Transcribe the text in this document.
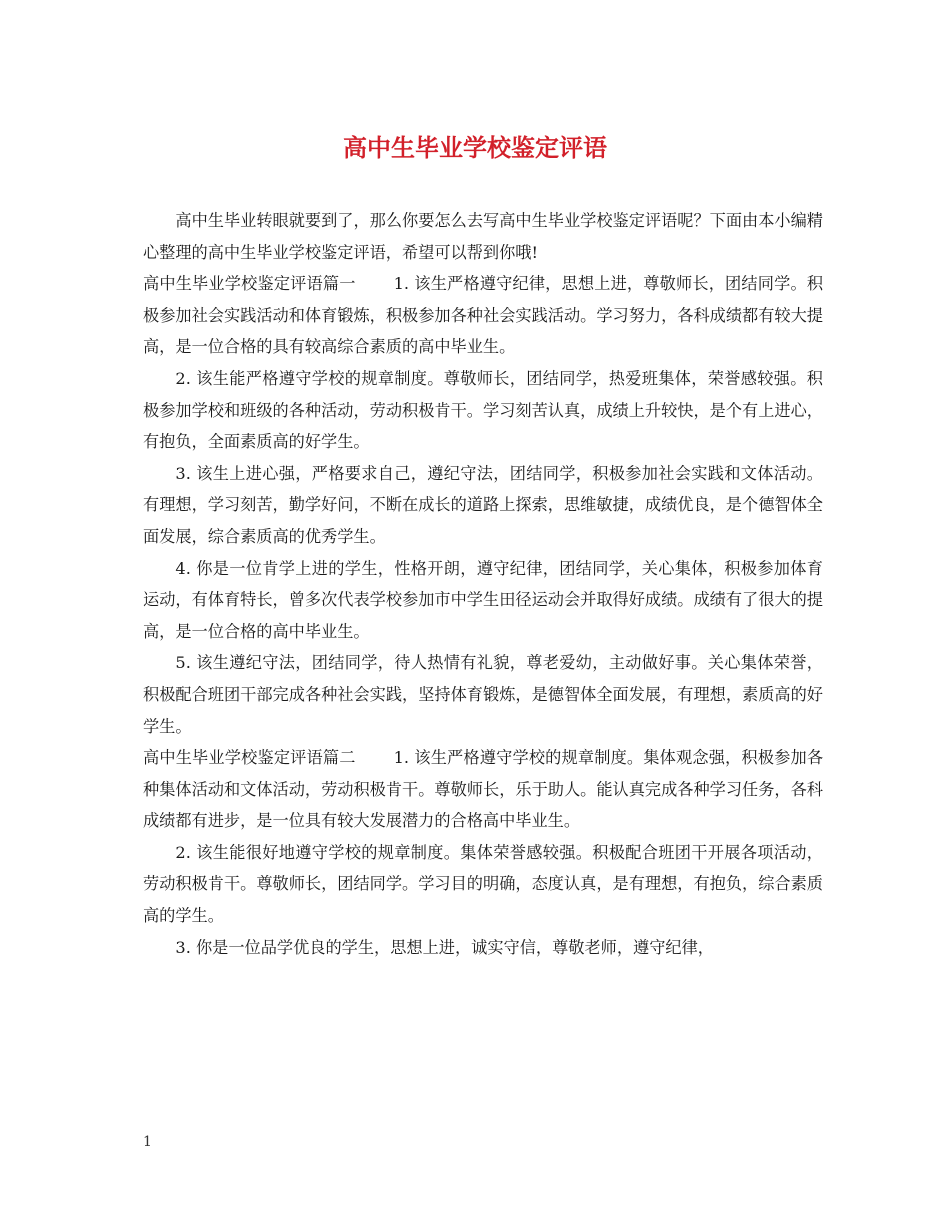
高中生毕业学校鉴定评语

高中生毕业转眼就要到了，那么你要怎么去写高中生毕业学校鉴定评语呢？下面由本小编精心整理的高中生毕业学校鉴定评语，希望可以帮到你哦!

高中生毕业学校鉴定评语篇一 1. 该生严格遵守纪律，思想上进，尊敬师长，团结同学。积极参加社会实践活动和体育锻炼，积极参加各种社会实践活动。学习努力，各科成绩都有较大提高，是一位合格的具有较高综合素质的高中毕业生。

2. 该生能严格遵守学校的规章制度。尊敬师长，团结同学，热爱班集体，荣誉感较强。积极参加学校和班级的各种活动，劳动积极肯干。学习刻苦认真，成绩上升较快，是个有上进心，有抱负，全面素质高的好学生。

3. 该生上进心强，严格要求自己，遵纪守法，团结同学，积极参加社会实践和文体活动。有理想，学习刻苦，勤学好问，不断在成长的道路上探索，思维敏捷，成绩优良，是个德智体全面发展，综合素质高的优秀学生。

4. 你是一位肯学上进的学生，性格开朗，遵守纪律，团结同学，关心集体，积极参加体育运动，有体育特长，曾多次代表学校参加市中学生田径运动会并取得好成绩。成绩有了很大的提高，是一位合格的高中毕业生。

5. 该生遵纪守法，团结同学，待人热情有礼貌，尊老爱幼，主动做好事。关心集体荣誉，积极配合班团干部完成各种社会实践，坚持体育锻炼，是德智体全面发展，有理想，素质高的好学生。

高中生毕业学校鉴定评语篇二 1. 该生严格遵守学校的规章制度。集体观念强，积极参加各种集体活动和文体活动，劳动积极肯干。尊敬师长，乐于助人。能认真完成各种学习任务，各科成绩都有进步，是一位具有较大发展潜力的合格高中毕业生。

2. 该生能很好地遵守学校的规章制度。集体荣誉感较强。积极配合班团干开展各项活动，劳动积极肯干。尊敬师长，团结同学。学习目的明确，态度认真，是有理想，有抱负，综合素质高的学生。

3. 你是一位品学优良的学生，思想上进，诚实守信，尊敬老师，遵守纪律，

1
